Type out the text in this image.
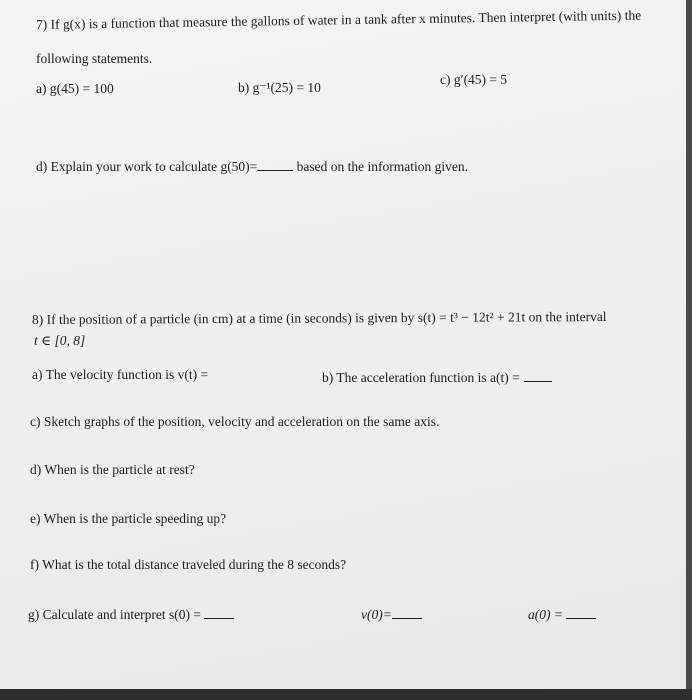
7) If g(x) is a function that measure the gallons of water in a tank after x minutes. Then interpret (with units) the
following statements.
a) g(45) = 100	b) g⁻¹(25) = 10
c) g′(45) = 5
d) Explain your work to calculate g(50)=	based on the information given.
8) If the position of a particle (in cm) at a time (in seconds) is given by s(t) = t³ − 12t² + 21t on the interval
t ∈ [0, 8]
a) The velocity function is v(t) =	b) The acceleration function is a(t) =
c) Sketch graphs of the position, velocity and acceleration on the same axis.
d) When is the particle at rest?
e) When is the particle speeding up?
f) What is the total distance traveled during the 8 seconds?
g) Calculate and interpret s(0) =	v(0)=	a(0) =
